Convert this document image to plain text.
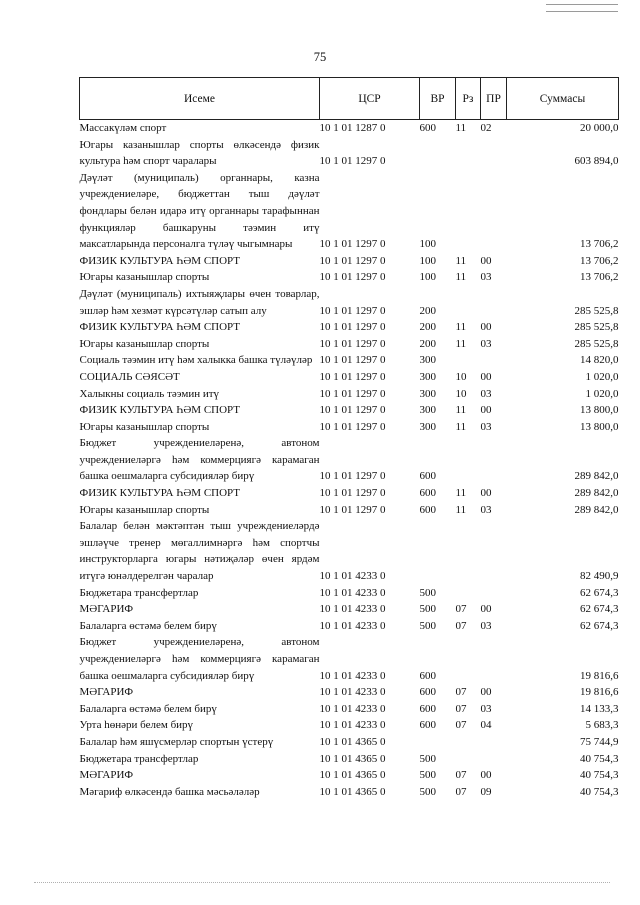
75
Исеме	ЦСР	ВР	Рз	ПР	Суммасы
Массакүләм спорт	10 1 01 1287 0	600	11	02	20 000,0
Югары казанышлар спорты өлкәсендә физик культура һәм спорт чаралары	10 1 01 1297 0				603 894,0
Дәүләт (муниципаль) органнары, казна учреждениеләре, бюджеттан тыш дәүләт фондлары белән идарә итү органнары тарафыннан функцияләр башкаруны тәэмин итү максатларында персоналга түләү чыгымнары	10 1 01 1297 0	100			13 706,2
ФИЗИК КУЛЬТУРА ҺӘМ СПОРТ	10 1 01 1297 0	100	11	00	13 706,2
Югары казанышлар спорты	10 1 01 1297 0	100	11	03	13 706,2
Дәүләт (муниципаль) ихтыяҗлары өчен товарлар, эшләр һәм хезмәт күрсәтүләр сатып алу	10 1 01 1297 0	200			285 525,8
ФИЗИК КУЛЬТУРА ҺӘМ СПОРТ	10 1 01 1297 0	200	11	00	285 525,8
Югары казанышлар спорты	10 1 01 1297 0	200	11	03	285 525,8
Социаль тәэмин итү һәм халыкка башка түләүләр	10 1 01 1297 0	300			14 820,0
СОЦИАЛЬ СӘЯСӘТ	10 1 01 1297 0	300	10	00	1 020,0
Халыкны социаль тәэмин итү	10 1 01 1297 0	300	10	03	1 020,0
ФИЗИК КУЛЬТУРА ҺӘМ СПОРТ	10 1 01 1297 0	300	11	00	13 800,0
Югары казанышлар спорты	10 1 01 1297 0	300	11	03	13 800,0
Бюджет учреждениеләренә, автоном учреждениеләргә һәм коммерциягә карамаган башка оешмаларга субсидияләр бирү	10 1 01 1297 0	600			289 842,0
ФИЗИК КУЛЬТУРА ҺӘМ СПОРТ	10 1 01 1297 0	600	11	00	289 842,0
Югары казанышлар спорты	10 1 01 1297 0	600	11	03	289 842,0
Балалар белән мәктәптән тыш учреждениеләрдә эшләүче тренер мөгаллимнәргә һәм спортчы инструкторларга югары нәтиҗәләр өчен ярдәм итүгә юнәлдерелгән чаралар	10 1 01 4233 0				82 490,9
Бюджетара трансфертлар	10 1 01 4233 0	500			62 674,3
МӘГАРИФ	10 1 01 4233 0	500	07	00	62 674,3
Балаларга өстәмә белем бирү	10 1 01 4233 0	500	07	03	62 674,3
Бюджет учреждениеләренә, автоном учреждениеләргә һәм коммерциягә карамаган башка оешмаларга субсидияләр бирү	10 1 01 4233 0	600			19 816,6
МӘГАРИФ	10 1 01 4233 0	600	07	00	19 816,6
Балаларга өстәмә белем бирү	10 1 01 4233 0	600	07	03	14 133,3
Урта һөнәри белем бирү	10 1 01 4233 0	600	07	04	5 683,3
Балалар һәм яшүсмерләр спортын үстерү	10 1 01 4365 0				75 744,9
Бюджетара трансфертлар	10 1 01 4365 0	500			40 754,3
МӘГАРИФ	10 1 01 4365 0	500	07	00	40 754,3
Мәгариф өлкәсендә башка мәсьәләләр	10 1 01 4365 0	500	07	09	40 754,3
